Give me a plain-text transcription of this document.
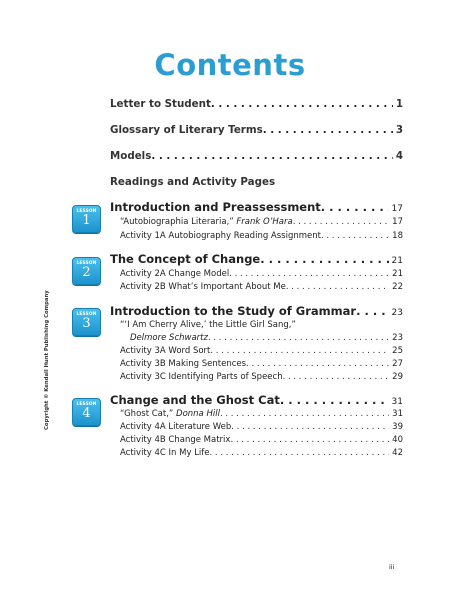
Contents
Copyright © Kendall Hunt Publishing Company
Letter to Student . . .	1
Glossary of Literary Terms . . .	3
Models . . .	4
Readings and Activity Pages
LESSON
1
Introduction and Preassessment . . .	17
“Autobiographia Literaria,” Frank O’Hara . . .	17
Activity 1A Autobiography Reading Assignment . . .	18
LESSON
2
The Concept of Change . . .	21
Activity 2A Change Model . . .	21
Activity 2B What’s Important About Me . . .	22
LESSON
3
Introduction to the Study of Grammar . . .	23
“‘I Am Cherry Alive,’ the Little Girl Sang,”
Delmore Schwartz . . .	23
Activity 3A Word Sort . . .	25
Activity 3B Making Sentences . . .	27
Activity 3C Identifying Parts of Speech . . .	29
LESSON
4
Change and the Ghost Cat . . .	31
“Ghost Cat,” Donna Hill . . .	31
Activity 4A Literature Web . . .	39
Activity 4B Change Matrix . . .	40
Activity 4C In My Life . . .	42
iii
